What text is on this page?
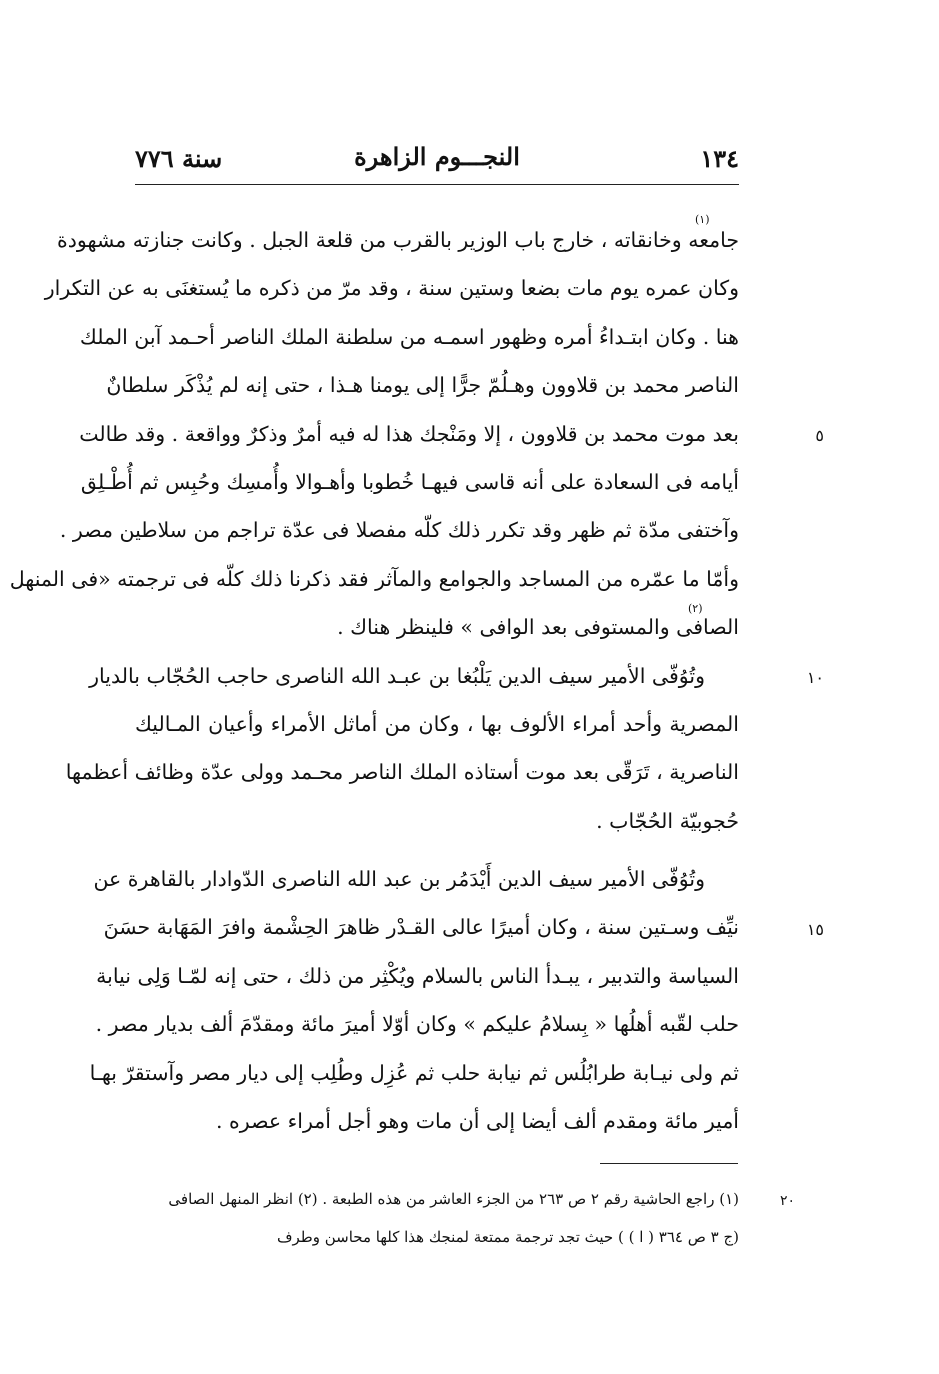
١٣٤
النجـــوم الزاهرة
سنة ٧٧٦
جامعه وخانقاته ، خارج باب الوزير بالقرب من قلعة الجبل . وكانت جنازته مشهودة
وكان عمره يوم مات بضعا وستين سنة ، وقد مرّ من ذكره ما يُستغنَى به عن التكرار
هنا . وكان ابتـداءُ أمره وظهور اسمـه من سلطنة الملك الناصر أحـمد آبن الملك
الناصر محمد بن قلاوون وهـلُمّ جرًّا إلى يومنا هـذا ، حتى إنه لم يُذْكَر سلطانٌ
بعد موت محمد بن قلاوون ، إلا ومَنْجك هذا له فيه أمرٌ وذكرٌ وواقعة . وقد طالت
أيامه فى السعادة على أنه قاسى فيهـا خُطوبا وأهـوالا وأُمسِك وحُبِس ثم أُطْـلِق
وآختفى مدّة ثم ظهر وقد تكرر ذلك كلّه مفصلا فى عدّة تراجم من سلاطين مصر .
وأمّا ما عمّره من المساجد والجوامع والمآثر فقد ذكرنا ذلك كلّه فى ترجمته «فى المنهل
الصافى والمستوفى بعد الوافى » فلينظر هناك .
وتُوُفّى الأمير سيف الدين يَلْبُغا بن عبـد الله الناصرى حاجب الحُجّاب بالديار
المصرية وأحد أمراء الألوف بها ، وكان من أماثل الأمراء وأعيان المـاليك
الناصرية ، تَرَقّى بعد موت أستاذه الملك الناصر محـمد وولى عدّة وظائف أعظمها
حُجوبيّة الحُجّاب .
وتُوُفّى الأمير سيف الدين أَيْدَمُر بن عبد الله الناصرى الدّوادار بالقاهرة عن
نيِّف وسـتين سنة ، وكان أميرًا عالى القـدْر ظاهرَ الحِشْمة وافرَ المَهَابة حسَنَ
السياسة والتدبير ، يبـدأ الناس بالسلام ويُكْثِر من ذلك ، حتى إنه لمّـا وَلِى نيابة
حلب لقّبه أهلُها « بِسلامُ عليكم » وكان أوّلا أميرَ مائة ومقدّمَ ألف بديار مصر .
ثم ولى نيـابة طرابُلُس ثم نيابة حلب ثم عُزِل وطُلِب إلى ديار مصر وآستقرّ بهـا
أمير مائة ومقدم ألف أيضا إلى أن مات وهو أجل أمراء عصره .
٥
١٠
١٥
٢٠
(١)
(٢)
(١) راجع الحاشية رقم ٢ ص ٢٦٣ من الجزء العاشر من هذه الطبعة . (٢) انظر المنهل الصافى
(ج ٣ ص ٣٦٤ ( ا ) ) حيث تجد ترجمة ممتعة لمنجك هذا كلها محاسن وطرف
